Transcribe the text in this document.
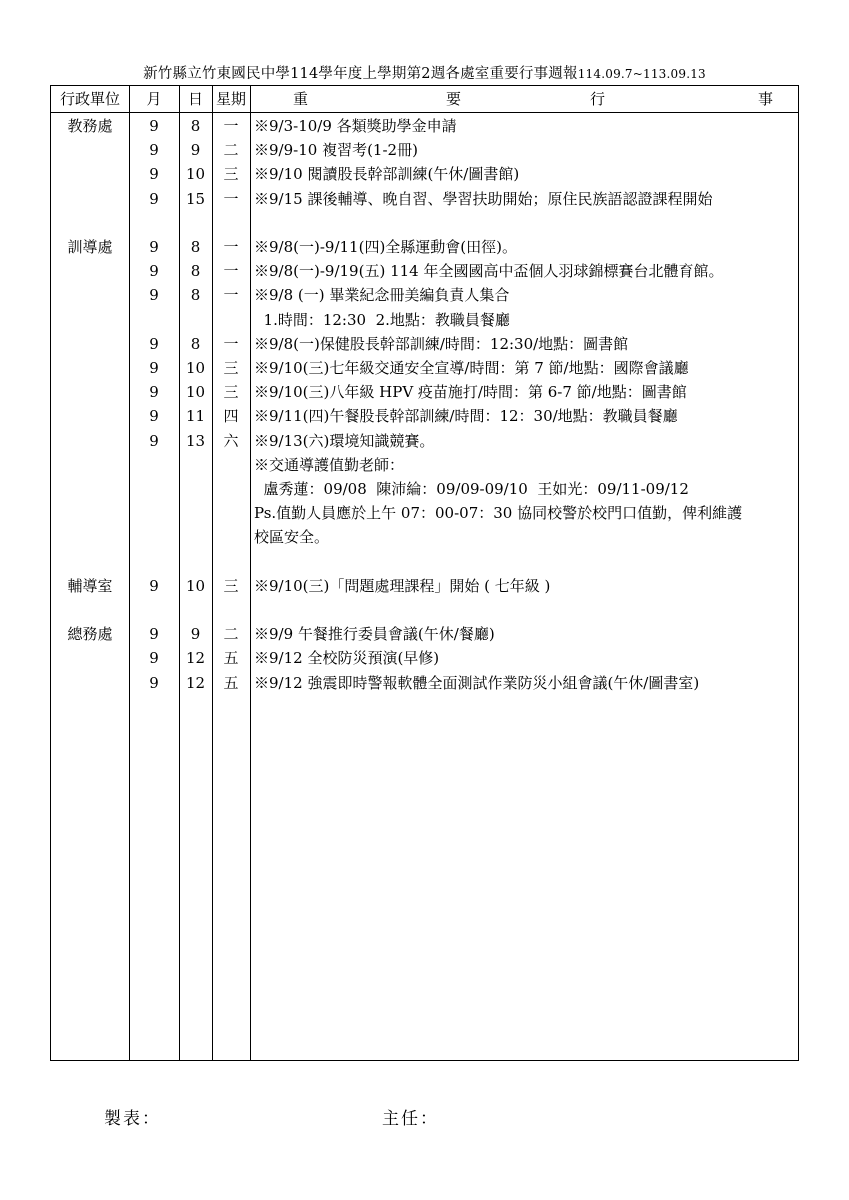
新竹縣立竹東國民中學114學年度上學期第2週各處室重要行事週報114.09.7~113.09.13
行政單位	月	日 星期	重	要	行	事
教務處	9	8	一	※9/3-10/9 各類獎助學金申請
9	9	二	※9/9-10 複習考(1-2冊)
9	10	三	※9/10 閱讀股長幹部訓練(午休/圖書館)
9	15	一	※9/15 課後輔導、晚自習、學習扶助開始；原住民族語認證課程開始
訓導處	9	8	一	※9/8(一)-9/11(四)全縣運動會(田徑)。
9	8	一	※9/8(一)-9/19(五) 114 年全國國高中盃個人羽球錦標賽台北體育館。
9	8	一	※9/8 (一) 畢業紀念冊美編負責人集合
1.時間：12:30  2.地點：教職員餐廳
9	8	一	※9/8(一)保健股長幹部訓練/時間：12:30/地點：圖書館
9	10	三	※9/10(三)七年級交通安全宣導/時間：第 7 節/地點：國際會議廳
9	10	三	※9/10(三)八年級 HPV 疫苗施打/時間：第 6-7 節/地點：圖書館
9	11	四	※9/11(四)午餐股長幹部訓練/時間：12：30/地點：教職員餐廳
9	13	六	※9/13(六)環境知識競賽。
※交通導護值勤老師：
盧秀蓮：09/08  陳沛綸：09/09-09/10  王如光：09/11-09/12
Ps.值勤人員應於上午 07：00-07：30 協同校警於校門口值勤，俾利維護
校區安全。
輔導室	9	10	三	※9/10(三)「問題處理課程」開始 ( 七年級 )
總務處	9	9	二	※9/9 午餐推行委員會議(午休/餐廳)
9	12	五	※9/12 全校防災預演(早修)
9	12	五	※9/12 強震即時警報軟體全面測試作業防災小組會議(午休/圖書室)
製表：	主任：
